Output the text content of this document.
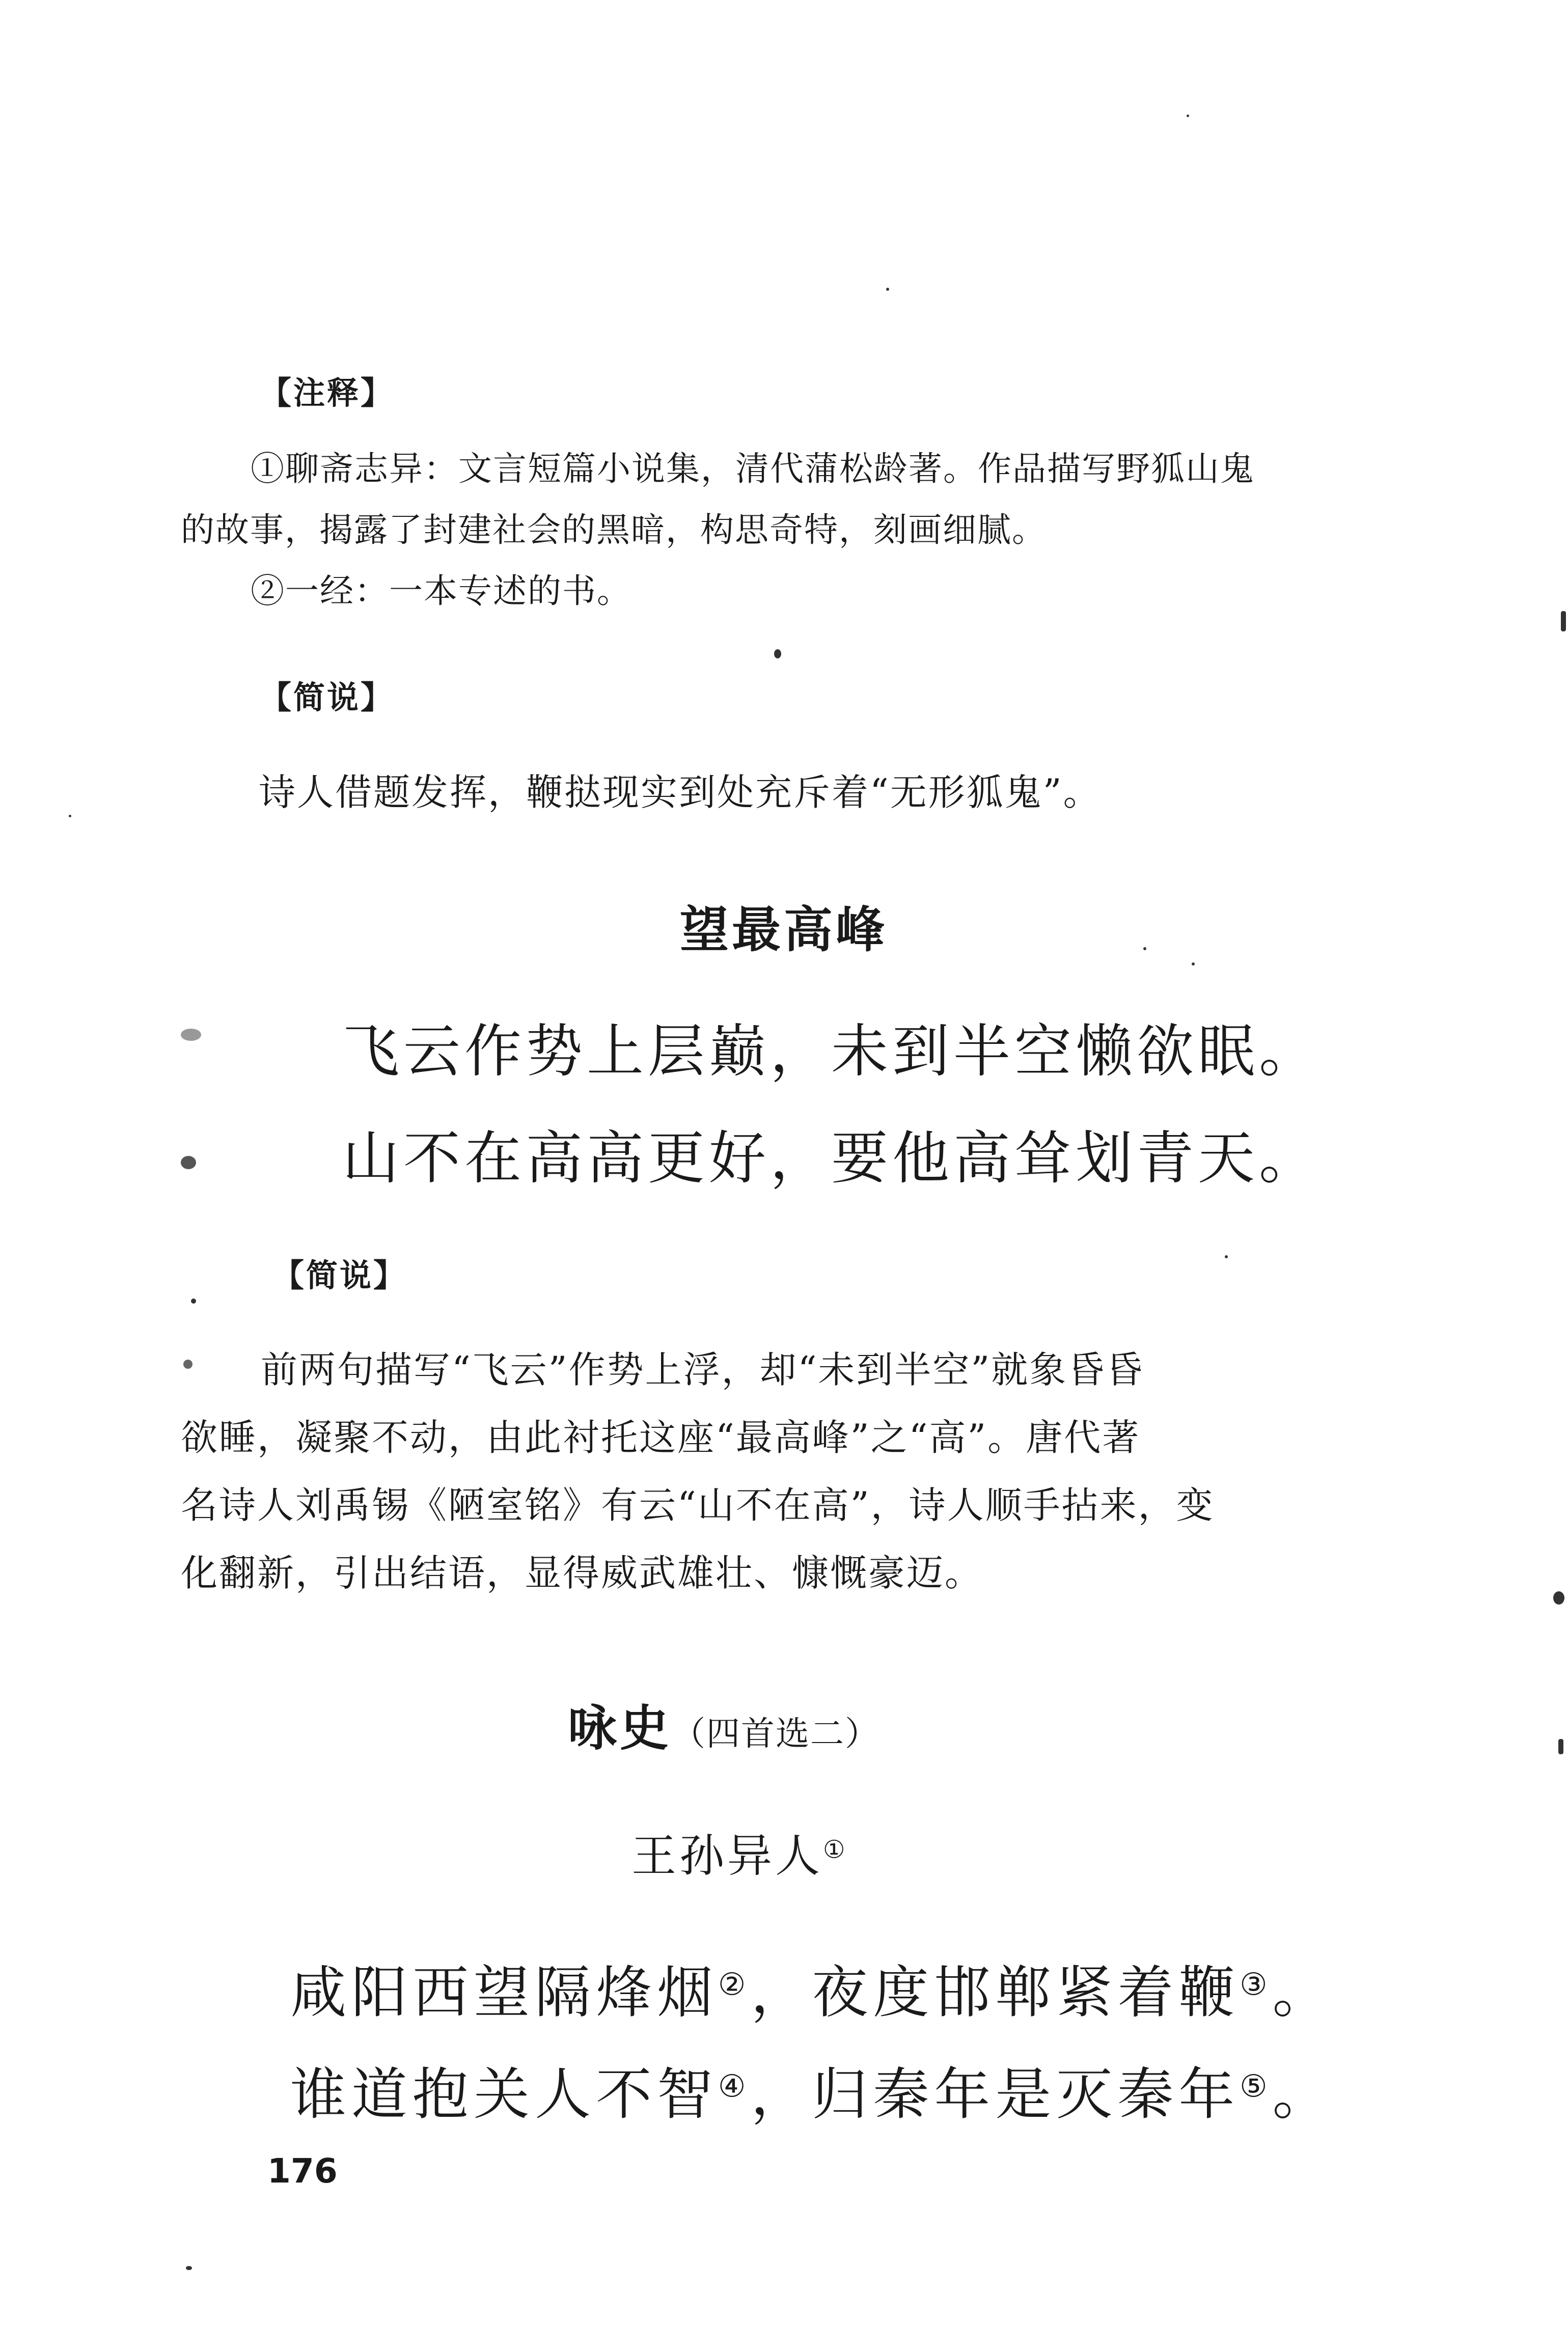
【注释】
①聊斋志异：文言短篇小说集，清代蒲松龄著。作品描写野狐山鬼
的故事，揭露了封建社会的黑暗，构思奇特，刻画细腻。
②一经：一本专述的书。
【简说】
诗人借题发挥，鞭挞现实到处充斥着“无形狐鬼”。
望最高峰
飞云作势上层巅，未到半空懒欲眠。
山不在高高更好，要他高耸划青天。
【简说】
前两句描写“飞云”作势上浮，却“未到半空”就象昏昏
欲睡，凝聚不动，由此衬托这座“最高峰”之“高”。唐代著
名诗人刘禹锡《陋室铭》有云“山不在高”，诗人顺手拈来，变
化翻新，引出结语，显得威武雄壮、慷慨豪迈。
咏史（四首选二）
王孙异人①
咸阳西望隔烽烟②，夜度邯郸紧着鞭③。
谁道抱关人不智④，归秦年是灭秦年⑤。
176
